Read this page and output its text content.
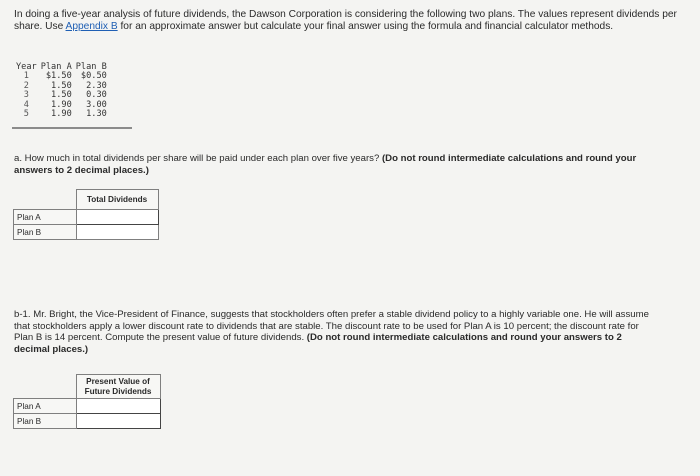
In doing a five-year analysis of future dividends, the Dawson Corporation is considering the following two plans. The values represent dividends per share. Use Appendix B for an approximate answer but calculate your final answer using the formula and financial calculator methods.

Year	Plan A	Plan B
1	$1.50	$0.50
2	1.50	2.30
3	1.50	0.30
4	1.90	3.00
5	1.90	1.30

a. How much in total dividends per share will be paid under each plan over five years? (Do not round intermediate calculations and round your answers to 2 decimal places.)

	Total Dividends
Plan A	
Plan B	

b-1. Mr. Bright, the Vice-President of Finance, suggests that stockholders often prefer a stable dividend policy to a highly variable one. He will assume that stockholders apply a lower discount rate to dividends that are stable. The discount rate to be used for Plan A is 10 percent; the discount rate for Plan B is 14 percent. Compute the present value of future dividends. (Do not round intermediate calculations and round your answers to 2 decimal places.)

	Present Value of
Future Dividends
Plan A	
Plan B	
